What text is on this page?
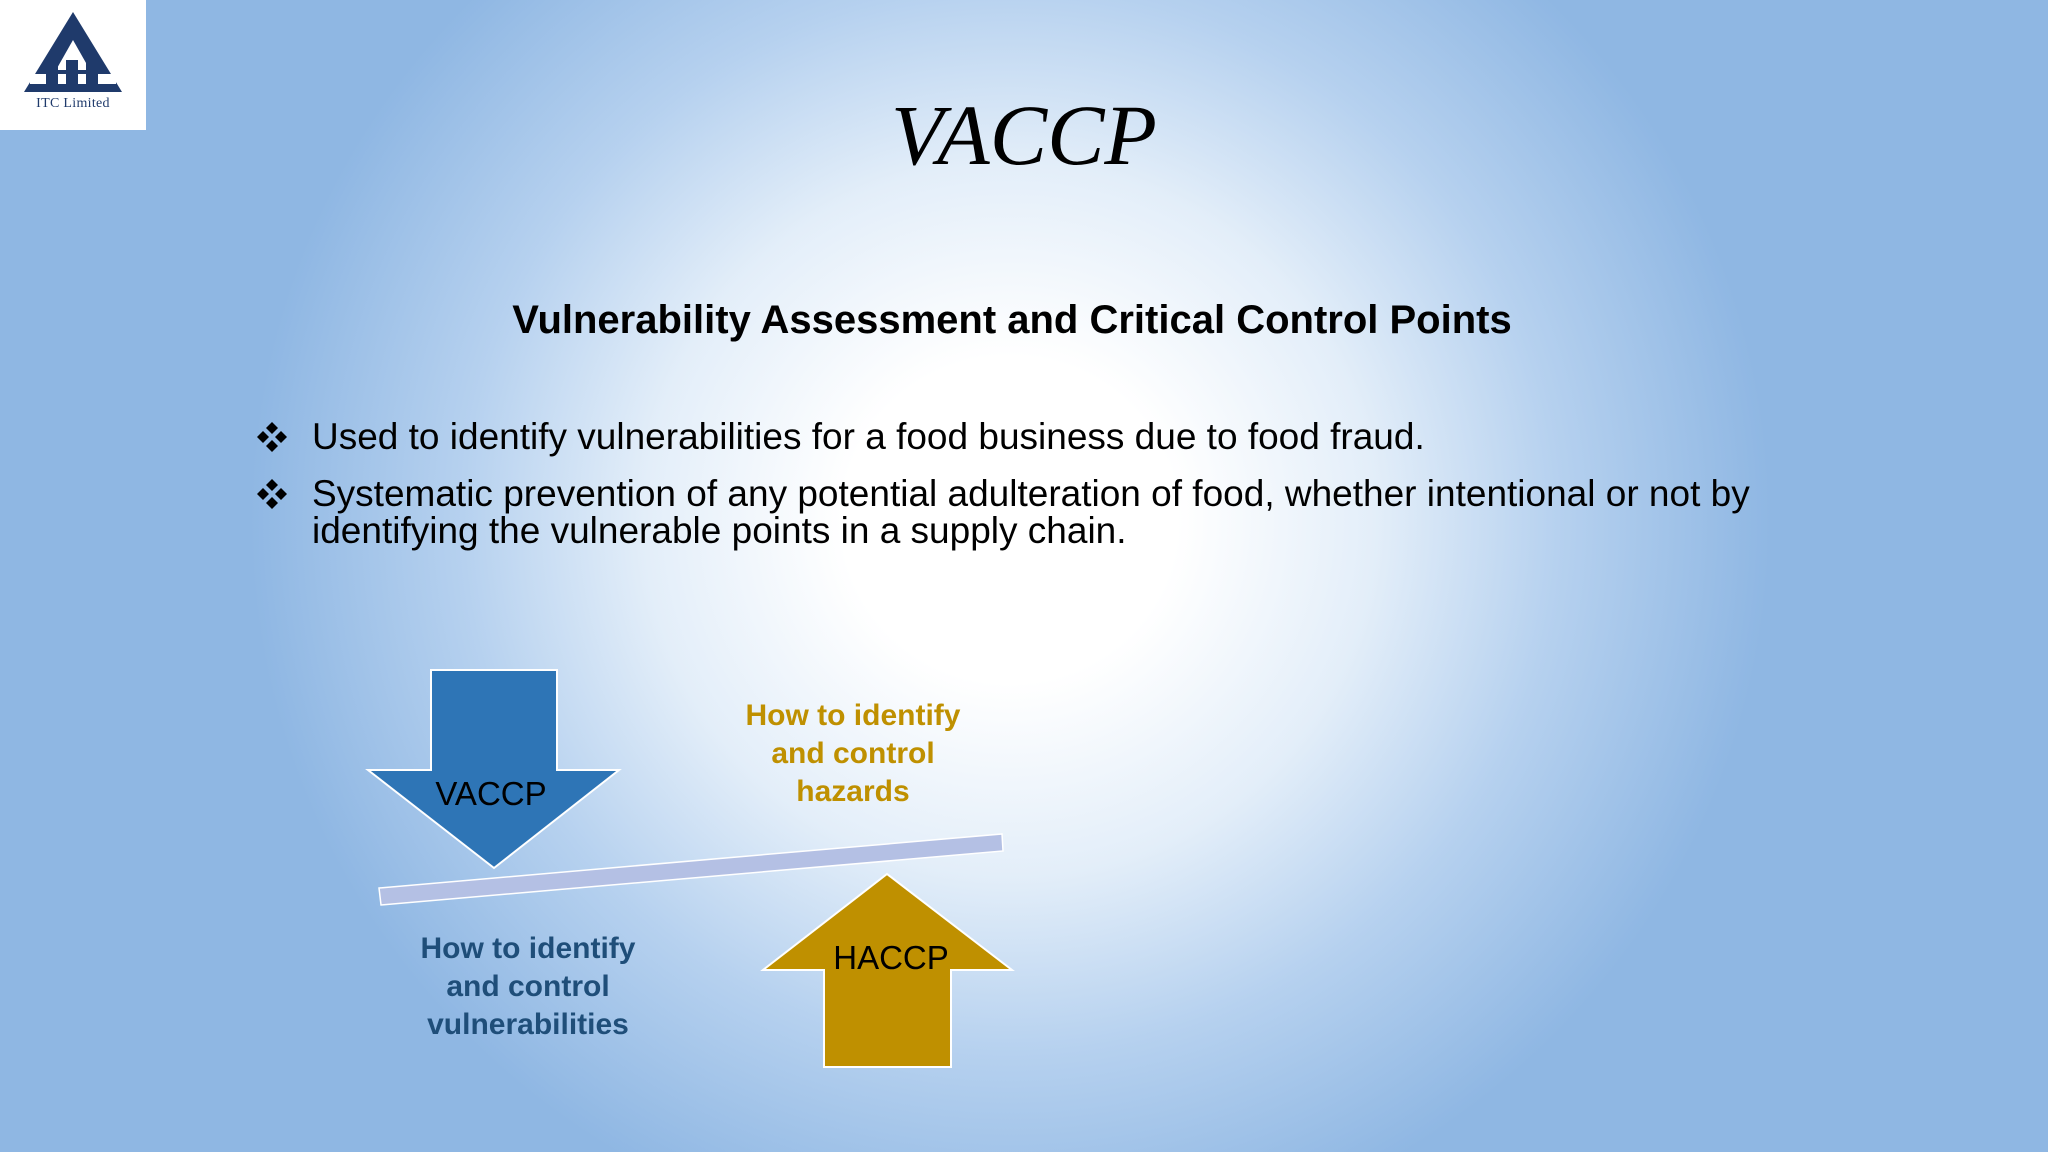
ITC Limited	VACCP
Vulnerability Assessment and Critical Control Points
Used to identify vulnerabilities for a food business due to food fraud.
Systematic prevention of any potential adulteration of food, whether intentional or not by identifying the vulnerable points in a supply chain.
VACCP
HACCP
How to identify and control hazards
How to identify and control vulnerabilities
